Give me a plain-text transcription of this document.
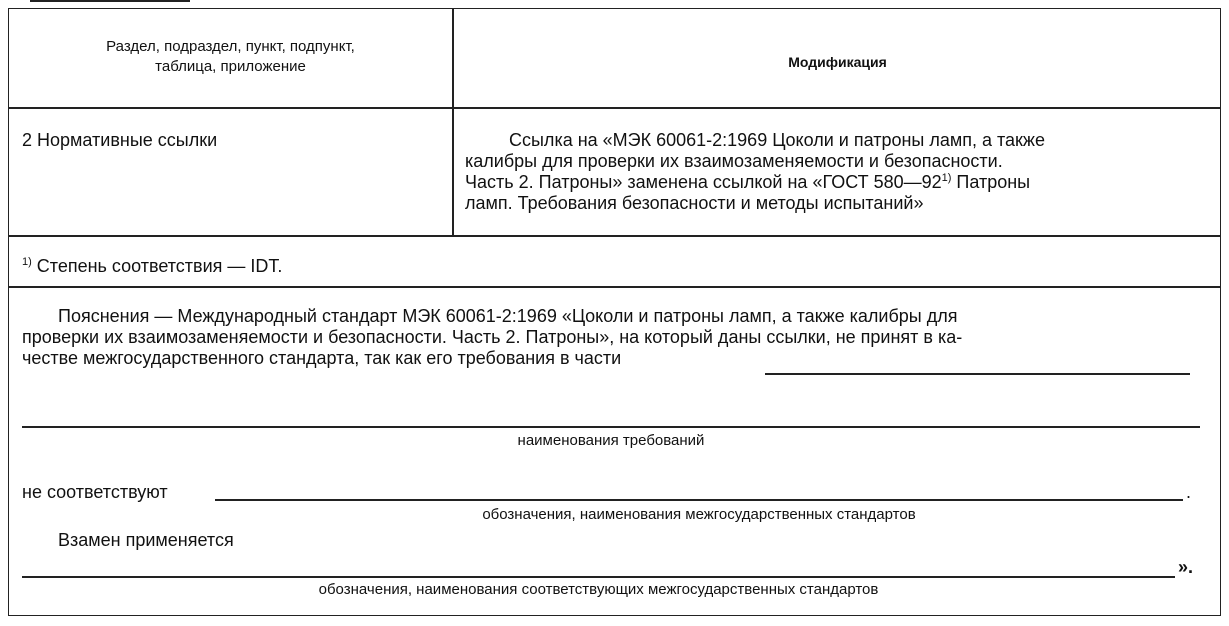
Раздел, подраздел, пункт, подпункт,
таблица, приложение	Модификация
2 Нормативные ссылки	Ссылка на «МЭК 60061-2:1969 Цоколи и патроны ламп, а также
калибры для проверки их взаимозаменяемости и безопасности.
Часть 2. Патроны» заменена ссылкой на «ГОСТ 580—92$^{1)}$ Патроны
ламп. Требования безопасности и методы испытаний»
$^{1)}$ Степень соответствия — IDT.
Пояснения — Международный стандарт МЭК 60061-2:1969 «Цоколи и патроны ламп, а также калибры для
проверки их взаимозаменяемости и безопасности. Часть 2. Патроны», на который даны ссылки, не принят в ка-
честве межгосударственного стандарта, так как его требования в части
наименования требований
не соответствуют	.
обозначения, наименования межгосударственных стандартов
Взамен применяется
».
обозначения, наименования соответствующих межгосударственных стандартов
